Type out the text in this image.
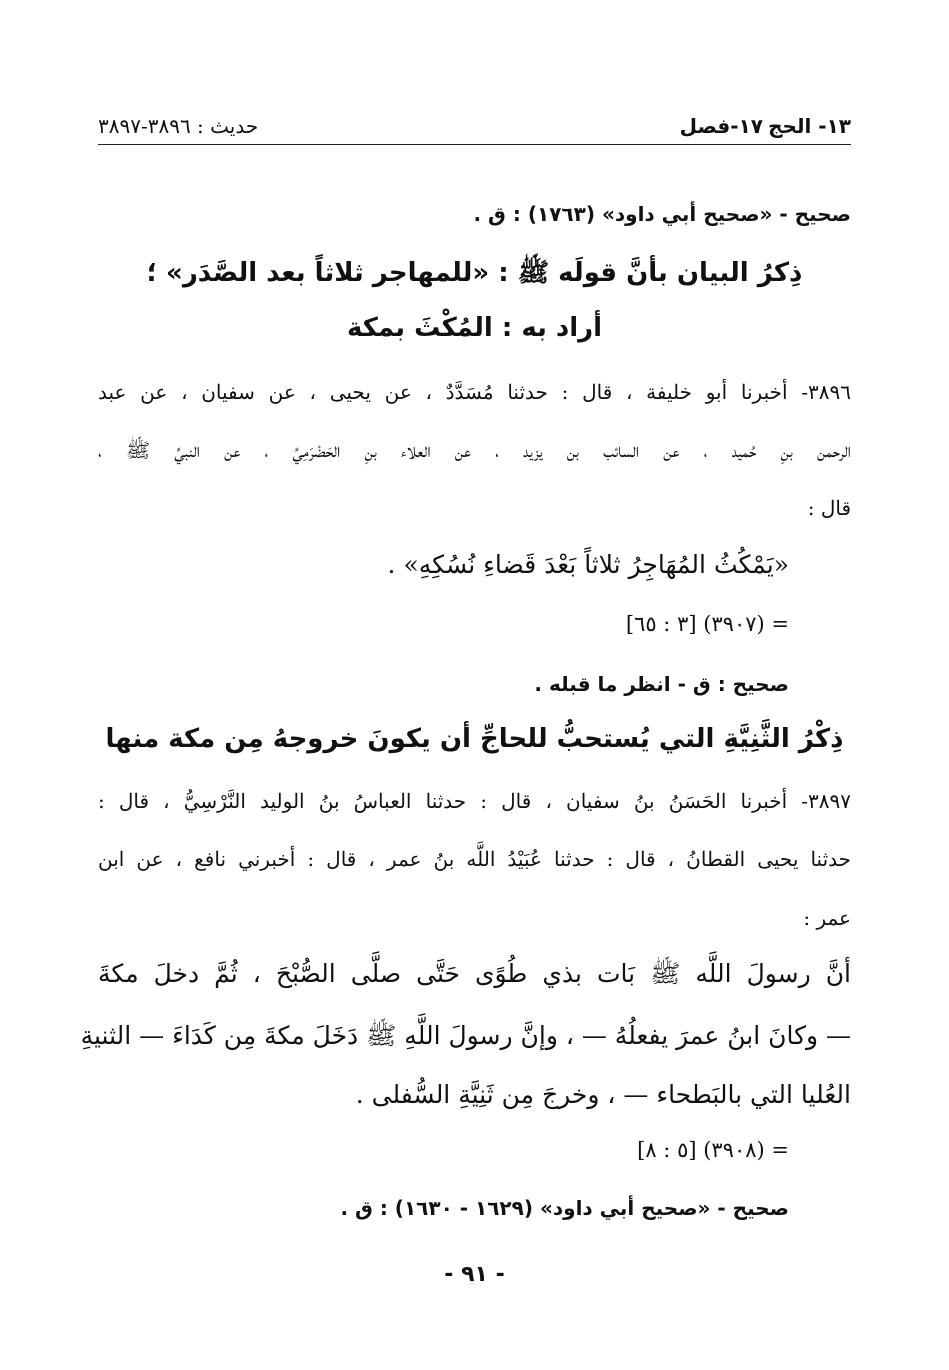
١٣- الحج
١٧-فصل
حديث : ٣٨٩٦-٣٨٩٧
صحيح - «صحيح أبي داود» (١٧٦٣) : ق .
ذِكرُ البيان بأنَّ قولَه ﷺ : «للمهاجر ثلاثاً بعد الصَّدَر» ؛
أراد به : المُكْثَ بمكة
٣٨٩٦- أخبرنا أبو خليفة ، قال : حدثنا مُسَدَّدٌ ، عن يحيى ، عن سفيان ، عن عبد
الرحمن بنِ حُميد ، عن السائب بن يزيد ، عن العلاء بنِ الحَضْرَمِيِّ ، عن النبيِّ ﷺ ،
قال :
«يَمْكُثُ المُهَاجِرُ ثلاثاً بَعْدَ قَضاءِ نُسُكِهِ» .
= (٣٩٠٧) [٣ : ٦٥]
صحيح : ق - انظر ما قبله .
ذِكْرُ الثَّنِيَّةِ التي يُستحبُّ للحاجِّ أن يكونَ خروجهُ مِن مكة منها
٣٨٩٧- أخبرنا الحَسَنُ بنُ سفيان ، قال : حدثنا العباسُ بنُ الوليد النَّرْسِيُّ ، قال :
حدثنا يحيى القطانُ ، قال : حدثنا عُبَيْدُ اللَّه بنُ عمر ، قال : أخبرني نافع ، عن ابن
عمر :
أنَّ رسولَ اللَّه ﷺ بَات بذي طُوًى حَتَّى صلَّى الصُّبْحَ ، ثُمَّ دخلَ مكةَ
— وكانَ ابنُ عمرَ يفعلُهُ — ، وإنَّ رسولَ اللَّهِ ﷺ دَخَلَ مكةَ مِن كَدَاءَ — الثنيةِ
العُليا التي بالبَطحاء — ، وخرجَ مِن ثَنِيَّةِ السُّفلى .
= (٣٩٠٨) [٥ : ٨]
صحيح - «صحيح أبي داود» (١٦٢٩ - ١٦٣٠) : ق .
- ٩١ -
